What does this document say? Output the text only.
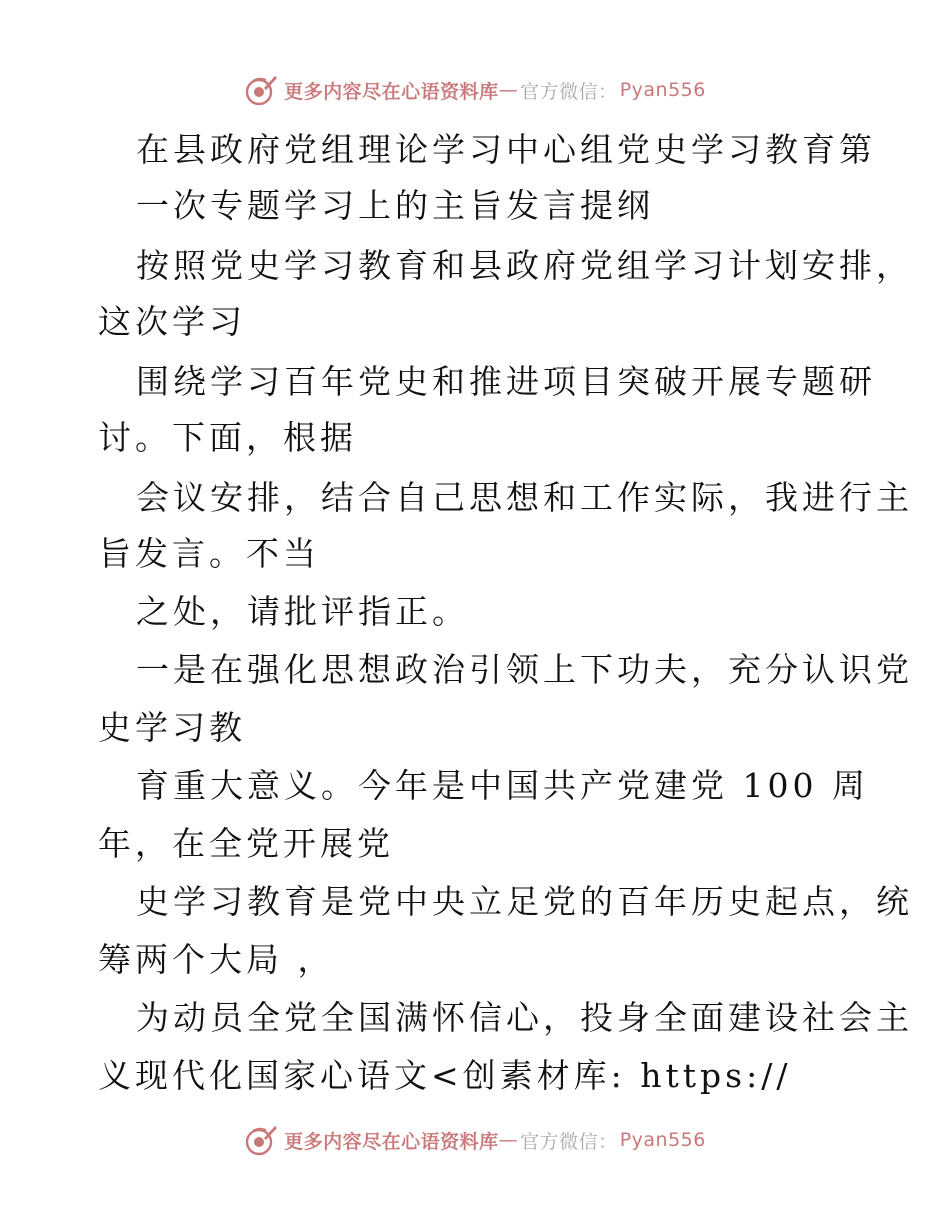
更多内容尽在心语资料库 — 官方微信： Pyan556
在县政府党组理论学习中心组党史学习教育第
一次专题学习上的主旨发言提纲
按照党史学习教育和县政府党组学习计划安排，
这次学习
围绕学习百年党史和推进项目突破开展专题研
讨。下面，根据
会议安排，结合自己思想和工作实际，我进行主
旨发言。不当
之处，请批评指正。
一是在强化思想政治引领上下功夫，充分认识党
史学习教
育重大意义。今年是中国共产党建党 100 周
年，在全党开展党
史学习教育是党中央立足党的百年历史起点，统
筹两个大局 ，
为动员全党全国满怀信心，投身全面建设社会主
义现代化国家心语文<创素材库: https://
更多内容尽在心语资料库 — 官方微信： Pyan556
